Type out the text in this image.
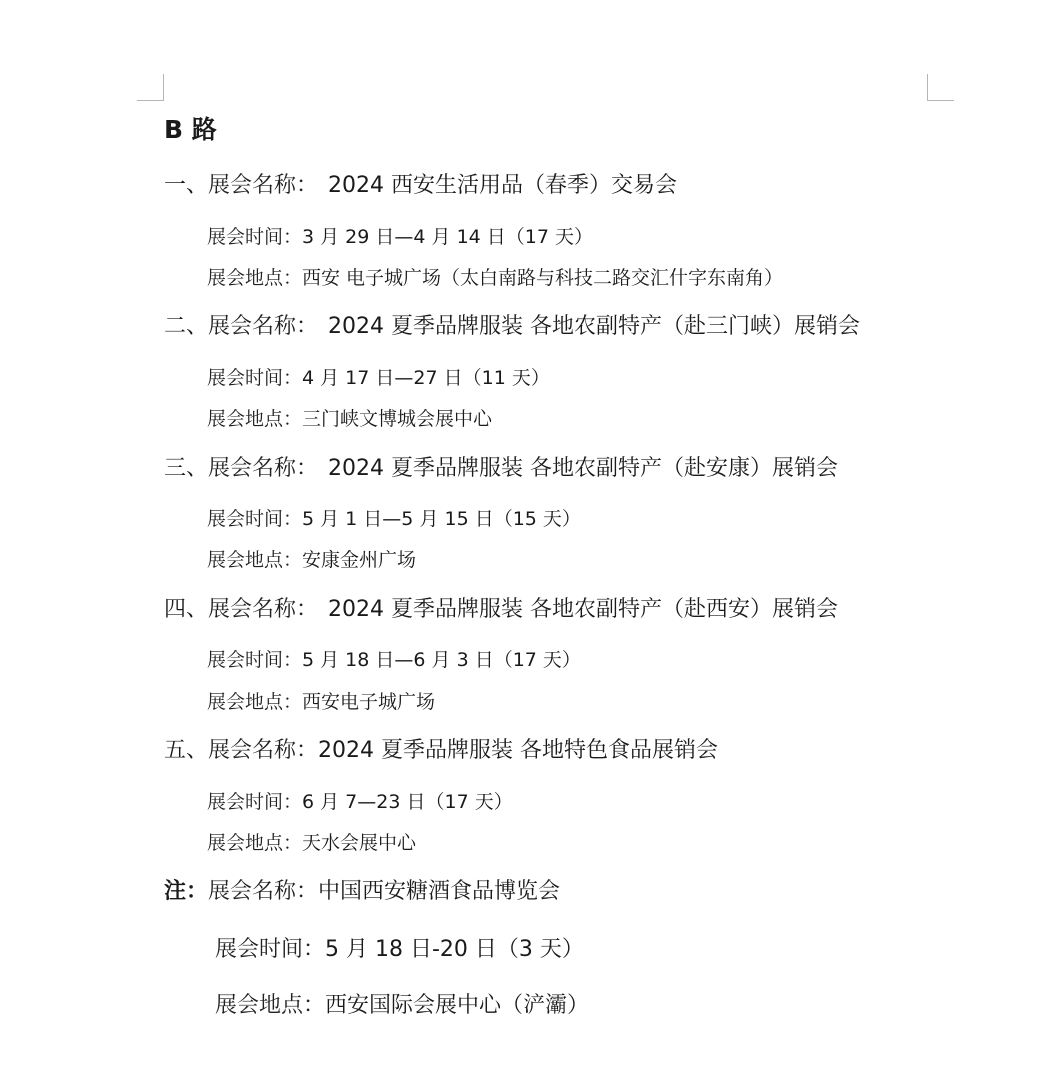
B 路
一、展会名称： 2024 西安生活用品（春季）交易会
展会时间：3 月 29 日—4 月 14 日（17 天）
展会地点：西安 电子城广场（太白南路与科技二路交汇什字东南角）
二、展会名称： 2024 夏季品牌服装 各地农副特产（赴三门峡）展销会
展会时间：4 月 17 日—27 日（11 天）
展会地点：三门峡文博城会展中心
三、展会名称： 2024 夏季品牌服装 各地农副特产（赴安康）展销会
展会时间：5 月 1 日—5 月 15 日（15 天）
展会地点：安康金州广场
四、展会名称： 2024 夏季品牌服装 各地农副特产（赴西安）展销会
展会时间：5 月 18 日—6 月 3 日（17 天）
展会地点：西安电子城广场
五、展会名称：2024 夏季品牌服装 各地特色食品展销会
展会时间：6 月 7—23 日（17 天）
展会地点：天水会展中心
注：展会名称：中国西安糖酒食品博览会
展会时间：5 月 18 日-20 日（3 天）
展会地点：西安国际会展中心（浐灞）
